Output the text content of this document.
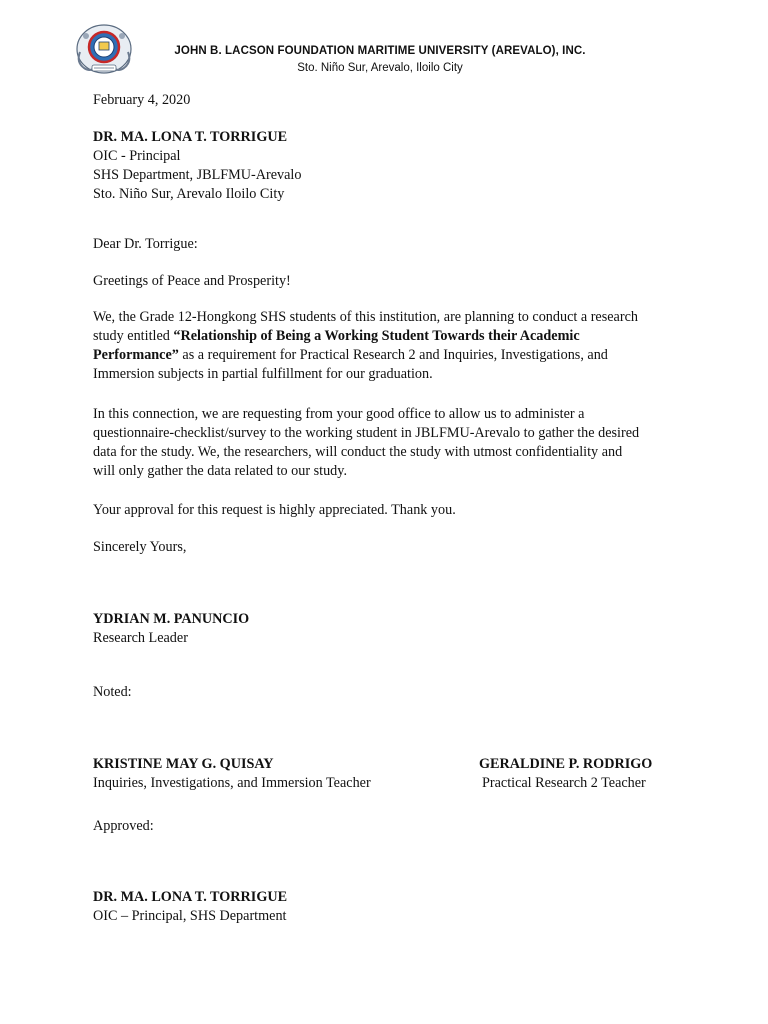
JOHN B. LACSON FOUNDATION MARITIME UNIVERSITY (AREVALO), INC.
Sto. Niño Sur, Arevalo, Iloilo City
February 4, 2020
DR. MA. LONA T. TORRIGUE
OIC - Principal
SHS Department, JBLFMU-Arevalo
Sto. Niño Sur, Arevalo Iloilo City
Dear Dr. Torrigue:
Greetings of Peace and Prosperity!
We, the Grade 12-Hongkong SHS students of this institution, are planning to conduct a research study entitled “Relationship of Being a Working Student Towards their Academic Performance” as a requirement for Practical Research 2 and Inquiries, Investigations, and Immersion subjects in partial fulfillment for our graduation.
In this connection, we are requesting from your good office to allow us to administer a questionnaire-checklist/survey to the working student in JBLFMU-Arevalo to gather the desired data for the study. We, the researchers, will conduct the study with utmost confidentiality and will only gather the data related to our study.
Your approval for this request is highly appreciated. Thank you.
Sincerely Yours,
YDRIAN M. PANUNCIO
Research Leader
Noted:
KRISTINE MAY G. QUISAY
Inquiries, Investigations, and Immersion Teacher
GERALDINE P. RODRIGO
Practical Research 2 Teacher
Approved:
DR. MA. LONA T. TORRIGUE
OIC – Principal, SHS Department
